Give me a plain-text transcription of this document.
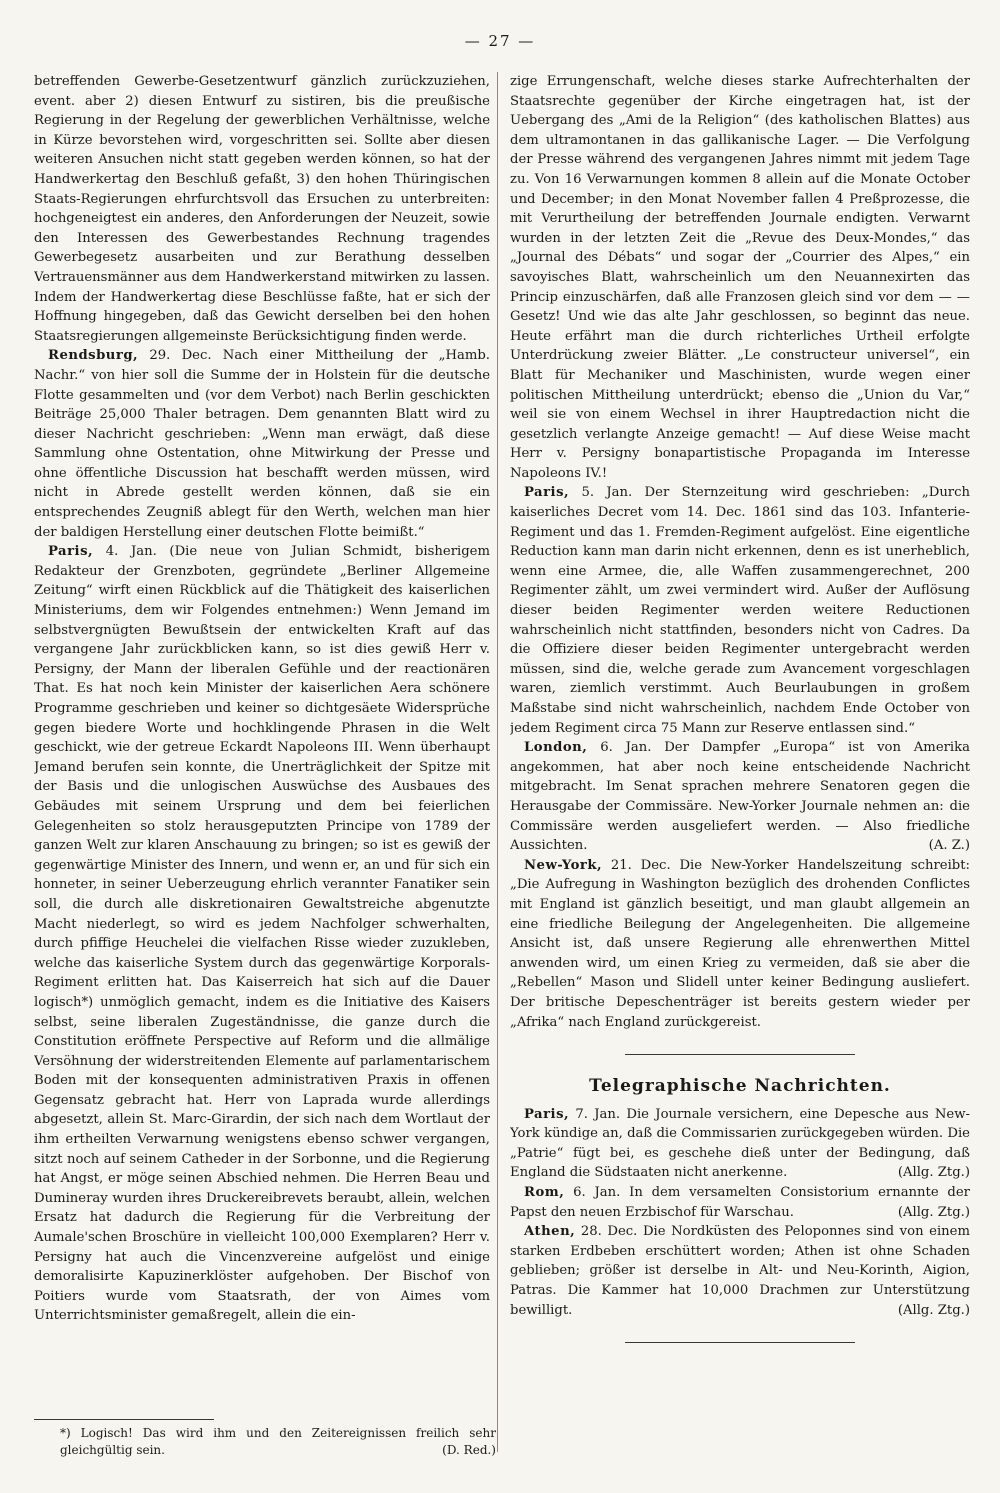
— 27 —

betreffenden Gewerbe-Gesetzentwurf gänzlich zurückzuziehen, event. aber 2) diesen Entwurf zu sistiren, bis die preußische Regierung in der Regelung der gewerblichen Verhältnisse, welche in Kürze bevorstehen wird, vorgeschritten sei. Sollte aber diesen weiteren Ansuchen nicht statt gegeben werden können, so hat der Handwerkertag den Beschluß gefaßt, 3) den hohen Thüringischen Staats-Regierungen ehrfurchtsvoll das Ersuchen zu unterbreiten: hochgeneigtest ein anderes, den Anforderungen der Neuzeit, sowie den Interessen des Gewerbestandes Rechnung tragendes Gewerbegesetz ausarbeiten und zur Berathung desselben Vertrauensmänner aus dem Handwerkerstand mitwirken zu lassen. Indem der Handwerkertag diese Beschlüsse faßte, hat er sich der Hoffnung hingegeben, daß das Gewicht derselben bei den hohen Staatsregierungen allgemeinste Berücksichtigung finden werde.

Rendsburg, 29. Dec. Nach einer Mittheilung der „Hamb. Nachr.“ von hier soll die Summe der in Holstein für die deutsche Flotte gesammelten und (vor dem Verbot) nach Berlin geschickten Beiträge 25,000 Thaler betragen. Dem genannten Blatt wird zu dieser Nachricht geschrieben: „Wenn man erwägt, daß diese Sammlung ohne Ostentation, ohne Mitwirkung der Presse und ohne öffentliche Discussion hat beschafft werden müssen, wird nicht in Abrede gestellt werden können, daß sie ein entsprechendes Zeugniß ablegt für den Werth, welchen man hier der baldigen Herstellung einer deutschen Flotte beimißt.“

Paris, 4. Jan. (Die neue von Julian Schmidt, bisherigem Redakteur der Grenzboten, gegründete „Berliner Allgemeine Zeitung“ wirft einen Rückblick auf die Thätigkeit des kaiserlichen Ministeriums, dem wir Folgendes entnehmen:) Wenn Jemand im selbstvergnügten Bewußtsein der entwickelten Kraft auf das vergangene Jahr zurückblicken kann, so ist dies gewiß Herr v. Persigny, der Mann der liberalen Gefühle und der reactionären That. Es hat noch kein Minister der kaiserlichen Aera schönere Programme geschrieben und keiner so dichtgesäete Widersprüche gegen biedere Worte und hochklingende Phrasen in die Welt geschickt, wie der getreue Eckardt Napoleons III. Wenn überhaupt Jemand berufen sein konnte, die Unerträglichkeit der Spitze mit der Basis und die unlogischen Auswüchse des Ausbaues des Gebäudes mit seinem Ursprung und dem bei feierlichen Gelegenheiten so stolz herausgeputzten Principe von 1789 der ganzen Welt zur klaren Anschauung zu bringen; so ist es gewiß der gegenwärtige Minister des Innern, und wenn er, an und für sich ein honneter, in seiner Ueberzeugung ehrlich verannter Fanatiker sein soll, die durch alle diskretionairen Gewaltstreiche abgenutzte Macht niederlegt, so wird es jedem Nachfolger schwerhalten, durch pfiffige Heuchelei die vielfachen Risse wieder zuzukleben, welche das kaiserliche System durch das gegenwärtige Korporals-Regiment erlitten hat. Das Kaiserreich hat sich auf die Dauer logisch*) unmöglich gemacht, indem es die Initiative des Kaisers selbst, seine liberalen Zugeständnisse, die ganze durch die Constitution eröffnete Perspective auf Reform und die allmälige Versöhnung der widerstreitenden Elemente auf parlamentarischem Boden mit der konsequenten administrativen Praxis in offenen Gegensatz gebracht hat. Herr von Laprada wurde allerdings abgesetzt, allein St. Marc-Girardin, der sich nach dem Wortlaut der ihm ertheilten Verwarnung wenigstens ebenso schwer vergangen, sitzt noch auf seinem Catheder in der Sorbonne, und die Regierung hat Angst, er möge seinen Abschied nehmen. Die Herren Beau und Dumineray wurden ihres Druckereibrevets beraubt, allein, welchen Ersatz hat dadurch die Regierung für die Verbreitung der Aumale'schen Broschüre in vielleicht 100,000 Exemplaren? Herr v. Persigny hat auch die Vincenzvereine aufgelöst und einige demoralisirte Kapuzinerklöster aufgehoben. Der Bischof von Poitiers wurde vom Staatsrath, der von Aimes vom Unterrichtsminister gemaßregelt, allein die ein-

zige Errungenschaft, welche dieses starke Aufrechterhalten der Staatsrechte gegenüber der Kirche eingetragen hat, ist der Uebergang des „Ami de la Religion“ (des katholischen Blattes) aus dem ultramontanen in das gallikanische Lager. — Die Verfolgung der Presse während des vergangenen Jahres nimmt mit jedem Tage zu. Von 16 Verwarnungen kommen 8 allein auf die Monate October und December; in den Monat November fallen 4 Preßprozesse, die mit Verurtheilung der betreffenden Journale endigten. Verwarnt wurden in der letzten Zeit die „Revue des Deux-Mondes,“ das „Journal des Débats“ und sogar der „Courrier des Alpes,“ ein savoyisches Blatt, wahrscheinlich um den Neuannexirten das Princip einzuschärfen, daß alle Franzosen gleich sind vor dem — — Gesetz! Und wie das alte Jahr geschlossen, so beginnt das neue. Heute erfährt man die durch richterliches Urtheil erfolgte Unterdrückung zweier Blätter. „Le constructeur universel“, ein Blatt für Mechaniker und Maschinisten, wurde wegen einer politischen Mittheilung unterdrückt; ebenso die „Union du Var,“ weil sie von einem Wechsel in ihrer Hauptredaction nicht die gesetzlich verlangte Anzeige gemacht! — Auf diese Weise macht Herr v. Persigny bonapartistische Propaganda im Interesse Napoleons IV.!

Paris, 5. Jan. Der Sternzeitung wird geschrieben: „Durch kaiserliches Decret vom 14. Dec. 1861 sind das 103. Infanterie-Regiment und das 1. Fremden-Regiment aufgelöst. Eine eigentliche Reduction kann man darin nicht erkennen, denn es ist unerheblich, wenn eine Armee, die, alle Waffen zusammengerechnet, 200 Regimenter zählt, um zwei vermindert wird. Außer der Auflösung dieser beiden Regimenter werden weitere Reductionen wahrscheinlich nicht stattfinden, besonders nicht von Cadres. Da die Offiziere dieser beiden Regimenter untergebracht werden müssen, sind die, welche gerade zum Avancement vorgeschlagen waren, ziemlich verstimmt. Auch Beurlaubungen in großem Maßstabe sind nicht wahrscheinlich, nachdem Ende October von jedem Regiment circa 75 Mann zur Reserve entlassen sind.“

London, 6. Jan. Der Dampfer „Europa“ ist von Amerika angekommen, hat aber noch keine entscheidende Nachricht mitgebracht. Im Senat sprachen mehrere Senatoren gegen die Herausgabe der Commissäre. New-Yorker Journale nehmen an: die Commissäre werden ausgeliefert werden. — Also friedliche Aussichten.	(A. Z.)

New-York, 21. Dec. Die New-Yorker Handelszeitung schreibt: „Die Aufregung in Washington bezüglich des drohenden Conflictes mit England ist gänzlich beseitigt, und man glaubt allgemein an eine friedliche Beilegung der Angelegenheiten. Die allgemeine Ansicht ist, daß unsere Regierung alle ehrenwerthen Mittel anwenden wird, um einen Krieg zu vermeiden, daß sie aber die „Rebellen“ Mason und Slidell unter keiner Bedingung ausliefert. Der britische Depeschenträger ist bereits gestern wieder per „Afrika“ nach England zurückgereist.

Telegraphische Nachrichten.

Paris, 7. Jan. Die Journale versichern, eine Depesche aus New-York kündige an, daß die Commissarien zurückgegeben würden. Die „Patrie“ fügt bei, es geschehe dieß unter der Bedingung, daß England die Südstaaten nicht anerkenne.	(Allg. Ztg.)

Rom, 6. Jan. In dem versamelten Consistorium ernannte der Papst den neuen Erzbischof für Warschau.	(Allg. Ztg.)

Athen, 28. Dec. Die Nordküsten des Peloponnes sind von einem starken Erdbeben erschüttert worden; Athen ist ohne Schaden geblieben; größer ist derselbe in Alt- und Neu-Korinth, Aigion, Patras. Die Kammer hat 10,000 Drachmen zur Unterstützung bewilligt.	(Allg. Ztg.)

*) Logisch! Das wird ihm und den Zeitereignissen freilich sehr gleichgültig sein.	(D. Red.)
